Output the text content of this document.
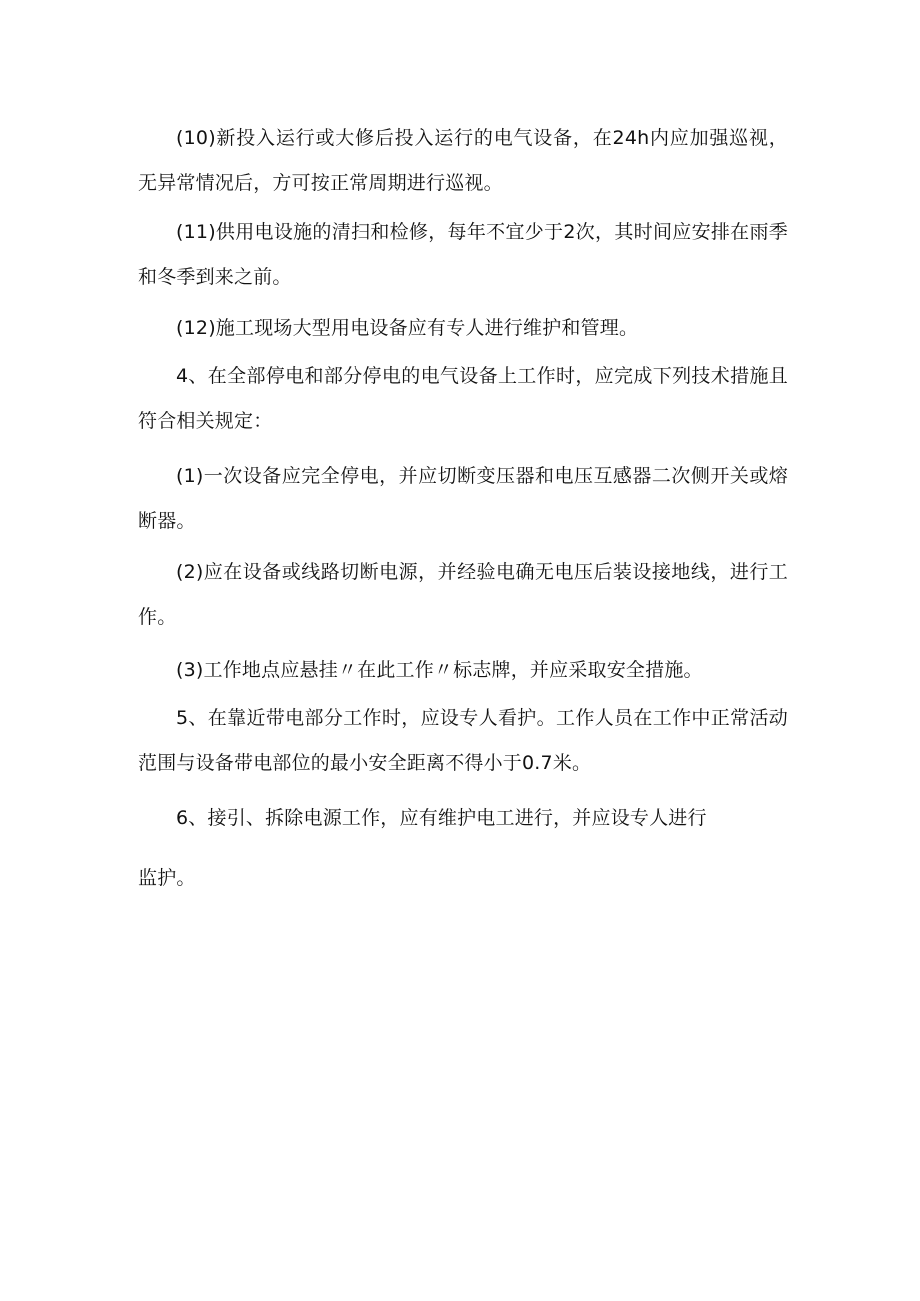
(10)新投入运行或大修后投入运行的电气设备，在24h内应加强巡视，无异常情况后，方可按正常周期进行巡视。

(11)供用电设施的清扫和检修，每年不宜少于2次，其时间应安排在雨季和冬季到来之前。

(12)施工现场大型用电设备应有专人进行维护和管理。

4、在全部停电和部分停电的电气设备上工作时，应完成下列技术措施且符合相关规定：

(1)一次设备应完全停电，并应切断变压器和电压互感器二次侧开关或熔断器。

(2)应在设备或线路切断电源，并经验电确无电压后装设接地线，进行工作。

(3)工作地点应悬挂〃在此工作〃标志牌，并应采取安全措施。

5、在靠近带电部分工作时，应设专人看护。工作人员在工作中正常活动范围与设备带电部位的最小安全距离不得小于0.7米。

6、接引、拆除电源工作，应有维护电工进行，并应设专人进行

监护。
